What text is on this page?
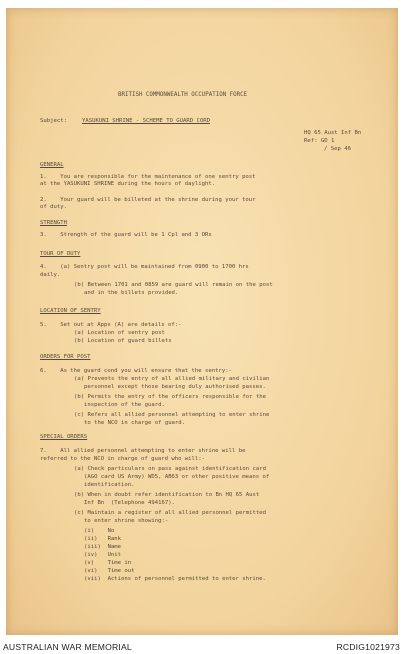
BRITISH COMMONWEALTH OCCUPATION FORCE
Subject:	YASUKUNI SHRINE - SCHEME TO GUARD CORD
HQ 65 Aust Inf Bn
Ref: GD 1
/ Sep 46
GENERAL
1.    You are responsible for the maintenance of one sentry post
at the YASUKUNI SHRINE during the hours of daylight.
2.    Your guard will be billeted at the shrine during your tour
of duty.
STRENGTH
3.    Strength of the guard will be 1 Cpl and 3 ORs
TOUR OF DUTY
4.    (a) Sentry post will be maintained from 0900 to 1700 hrs
daily.
(b) Between 1701 and 0859 are guard will remain on the post
and in the billets provided.
LOCATION OF SENTRY
5.    Set out at Appx (A) are details of:-
(a) Location of sentry post
(b) Location of guard billets
ORDERS FOR POST
6.    As the guard cond you will ensure that the sentry:-
(a) Prevents the entry of all allied military and civilian
personnel except those bearing duly authorised passes.
(b) Permits the entry of the officers responsible for the
inspection of the guard.
(c) Refers all allied personnel attempting to enter shrine
to the NCO in charge of guard.
SPECIAL ORDERS
7.    All allied personnel attempting to enter shrine will be
referred to the NCO in charge of guard who will:-
(a) Check particulars on pass against identification card
(AGO card US Army) WD5, AB63 or other positive means of
identification.
(b) When in doubt refer identification to Bn HQ 65 Aust
Inf Bn  (Telephone 494167).
(c) Maintain a register of all allied personnel permitted
to enter shrine showing:-
(i)    No
(ii)   Rank
(iii)  Name
(iv)   Unit
(v)    Time in
(vi)   Time out
(vii)  Actions of personnel permitted to enter shrine.
AUSTRALIAN WAR MEMORIAL	RCDIG1021973
